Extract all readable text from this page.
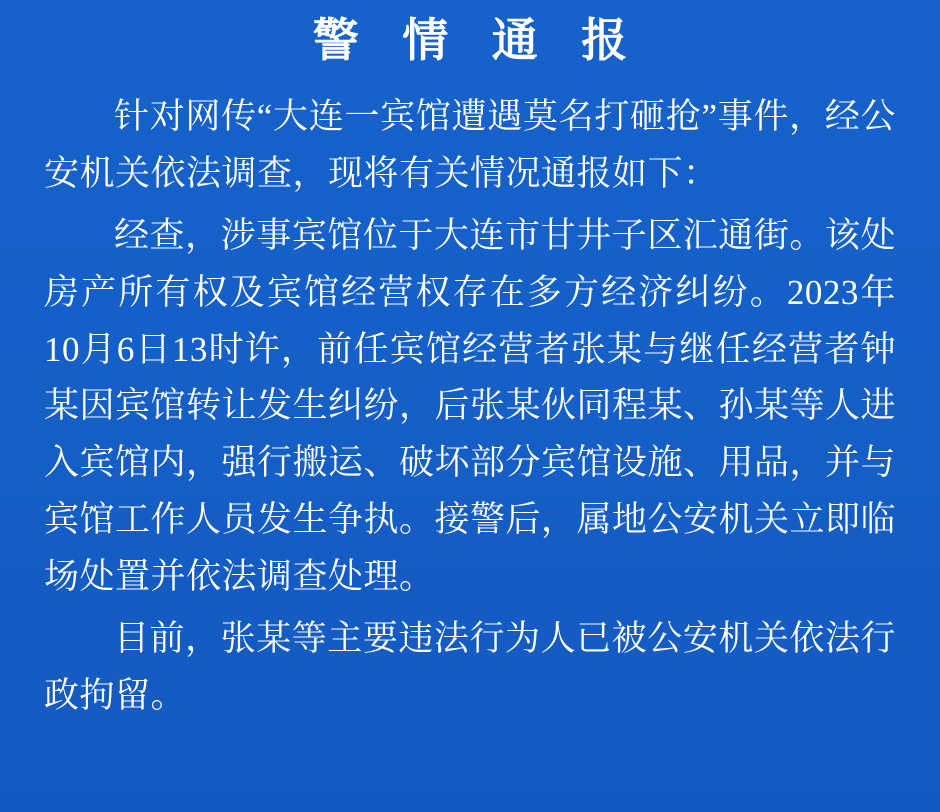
警 情 通 报

针对网传“大连一宾馆遭遇莫名打砸抢”事件，经公安机关依法调查，现将有关情况通报如下：

经查，涉事宾馆位于大连市甘井子区汇通街。该处房产所有权及宾馆经营权存在多方经济纠纷。2023年10月6日13时许，前任宾馆经营者张某与继任经营者钟某因宾馆转让发生纠纷，后张某伙同程某、孙某等人进入宾馆内，强行搬运、破坏部分宾馆设施、用品，并与宾馆工作人员发生争执。接警后，属地公安机关立即临场处置并依法调查处理。

目前，张某等主要违法行为人已被公安机关依法行政拘留。
